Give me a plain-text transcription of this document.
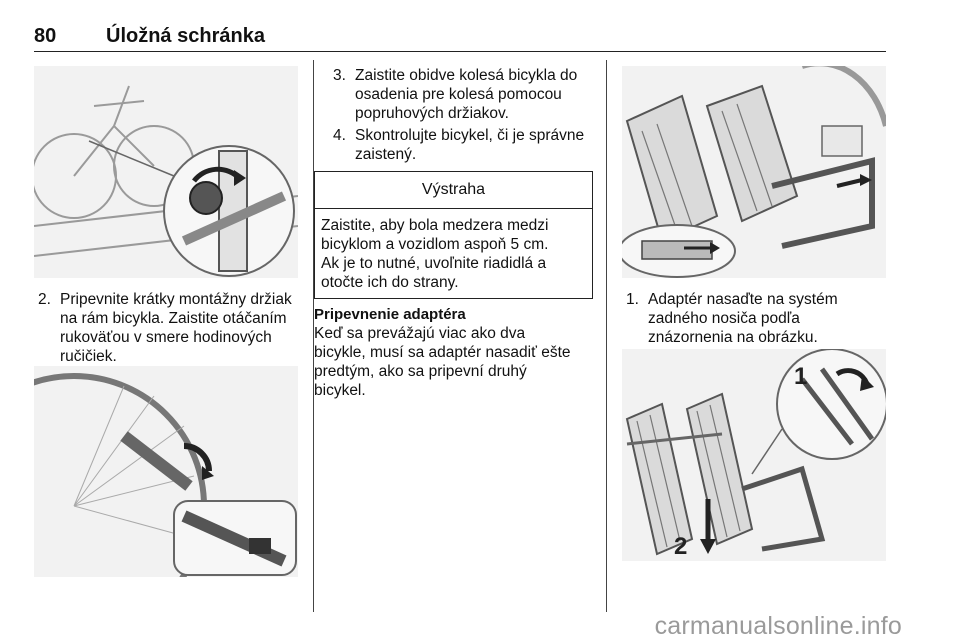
80 Úložná schránka
2. Pripevnite krátky montážny držiak
na rám bicykla. Zaistite otáčaním
rukoväťou v smere hodinových
ručičiek.
3. Zaistite obidve kolesá bicykla do
osadenia pre kolesá pomocou
popruhových držiakov.
4. Skontrolujte bicykel, či je správne
zaistený.
Výstraha
Zaistite, aby bola medzera medzi
bicyklom a vozidlom aspoň 5 cm.
Ak je to nutné, uvoľnite riadidlá a
otočte ich do strany.
Pripevnenie adaptéra
Keď sa prevážajú viac ako dva
bicykle, musí sa adaptér nasadiť ešte
predtým, ako sa pripevní druhý
bicykel.
1. Adaptér nasaďte na systém
zadného nosiča podľa
znázornenia na obrázku.
1
2
carmanualsonline.info
